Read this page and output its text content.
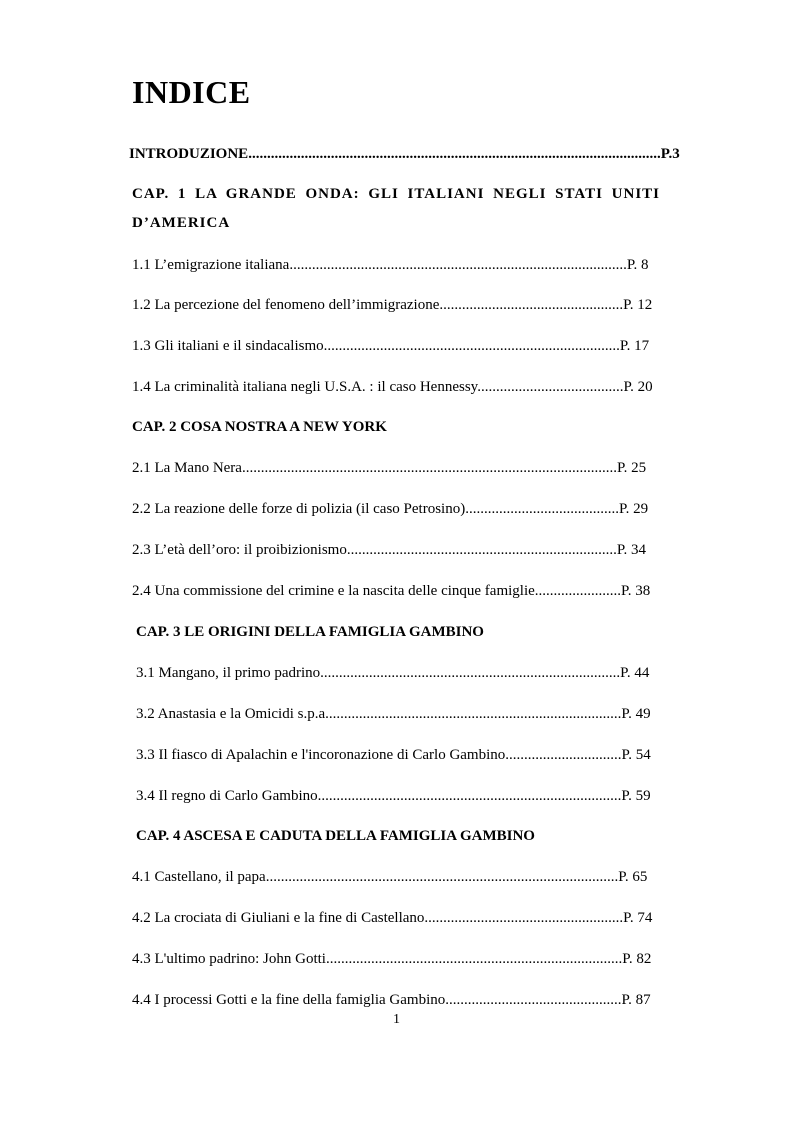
INDICE
INTRODUZIONE..............................................................................................................P.3
CAP. 1 LA GRANDE ONDA: GLI ITALIANI NEGLI STATI UNITI D’AMERICA
1.1 L’emigrazione italiana..........................................................................................P. 8
1.2 La percezione del fenomeno dell’immigrazione.................................................P. 12
1.3 Gli italiani e il sindacalismo...............................................................................P. 17
1.4 La criminalità italiana negli U.S.A. : il caso Hennessy.......................................P. 20
CAP. 2 COSA NOSTRA A NEW YORK
2.1 La Mano Nera....................................................................................................P. 25
2.2 La reazione delle forze di polizia (il caso Petrosino).........................................P. 29
2.3 L’età dell’oro: il proibizionismo........................................................................P. 34
2.4 Una commissione del crimine e la nascita delle cinque famiglie.......................P. 38
CAP. 3 LE ORIGINI DELLA FAMIGLIA GAMBINO
3.1 Mangano, il primo padrino................................................................................P. 44
3.2 Anastasia e la Omicidi s.p.a...............................................................................P. 49
3.3 Il fiasco di Apalachin e l'incoronazione di Carlo Gambino...............................P. 54
3.4 Il regno di Carlo Gambino.................................................................................P. 59
CAP. 4 ASCESA E CADUTA DELLA FAMIGLIA GAMBINO
4.1 Castellano, il papa..............................................................................................P. 65
4.2 La crociata di Giuliani e la fine di Castellano.....................................................P. 74
4.3 L'ultimo padrino: John Gotti...............................................................................P. 82
4.4 I processi Gotti e la fine della famiglia Gambino...............................................P. 87
1
